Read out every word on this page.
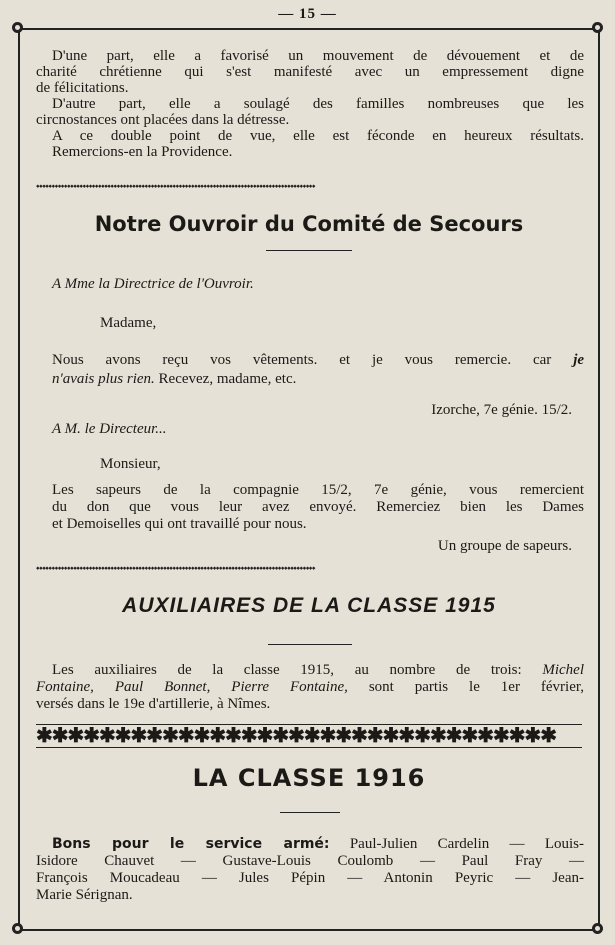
— 15 —
D'une part, elle a favorisé un mouvement de dévouement et de
charité chrétienne qui s'est manifesté avec un empressement digne
de félicitations.
D'autre part, elle a soulagé des familles nombreuses que les
circnostances ont placées dans la détresse.
A ce double point de vue, elle est féconde en heureux résultats.
Remercions-en la Providence.
⬩⬩⬩⬩⬩⬩⬩⬩⬩⬩⬩⬩⬩⬩⬩⬩⬩⬩⬩⬩⬩⬩⬩⬩⬩⬩⬩⬩⬩⬩⬩⬩⬩⬩⬩⬩⬩⬩⬩⬩⬩⬩⬩⬩⬩⬩⬩⬩⬩⬩⬩⬩⬩⬩⬩⬩⬩⬩⬩⬩⬩⬩⬩⬩⬩⬩⬩⬩⬩⬩⬩⬩⬩⬩⬩⬩⬩⬩⬩⬩⬩⬩⬩⬩⬩⬩⬩⬩⬩⬩
Notre Ouvroir du Comité de Secours
A Mme la Directrice de l'Ouvroir.
Madame,
Nous avons reçu vos vêtements. et je vous remercie. car je
n'avais plus rien. Recevez, madame, etc.
Izorche, 7e génie. 15/2.
A M. le Directeur...
Monsieur,
Les sapeurs de la compagnie 15/2, 7e génie, vous remercient
du don que vous leur avez envoyé. Remerciez bien les Dames
et Demoiselles qui ont travaillé pour nous.
Un groupe de sapeurs.
⬩⬩⬩⬩⬩⬩⬩⬩⬩⬩⬩⬩⬩⬩⬩⬩⬩⬩⬩⬩⬩⬩⬩⬩⬩⬩⬩⬩⬩⬩⬩⬩⬩⬩⬩⬩⬩⬩⬩⬩⬩⬩⬩⬩⬩⬩⬩⬩⬩⬩⬩⬩⬩⬩⬩⬩⬩⬩⬩⬩⬩⬩⬩⬩⬩⬩⬩⬩⬩⬩⬩⬩⬩⬩⬩⬩⬩⬩⬩⬩⬩⬩⬩⬩⬩⬩⬩⬩⬩⬩
AUXILIAIRES DE LA CLASSE 1915
Les auxiliaires de la classe 1915, au nombre de trois: Michel
Fontaine, Paul Bonnet, Pierre Fontaine, sont partis le 1er février,
versés dans le 19e d'artillerie, à Nîmes.
✱✱✱✱✱✱✱✱✱✱✱✱✱✱✱✱✱✱✱✱✱✱✱✱✱✱✱✱✱✱✱✱✱
LA CLASSE 1916
Bons pour le service armé: Paul-Julien Cardelin — Louis-
Isidore Chauvet — Gustave-Louis Coulomb — Paul Fray —
François Moucadeau — Jules Pépin — Antonin Peyric — Jean-
Marie Sérignan.
